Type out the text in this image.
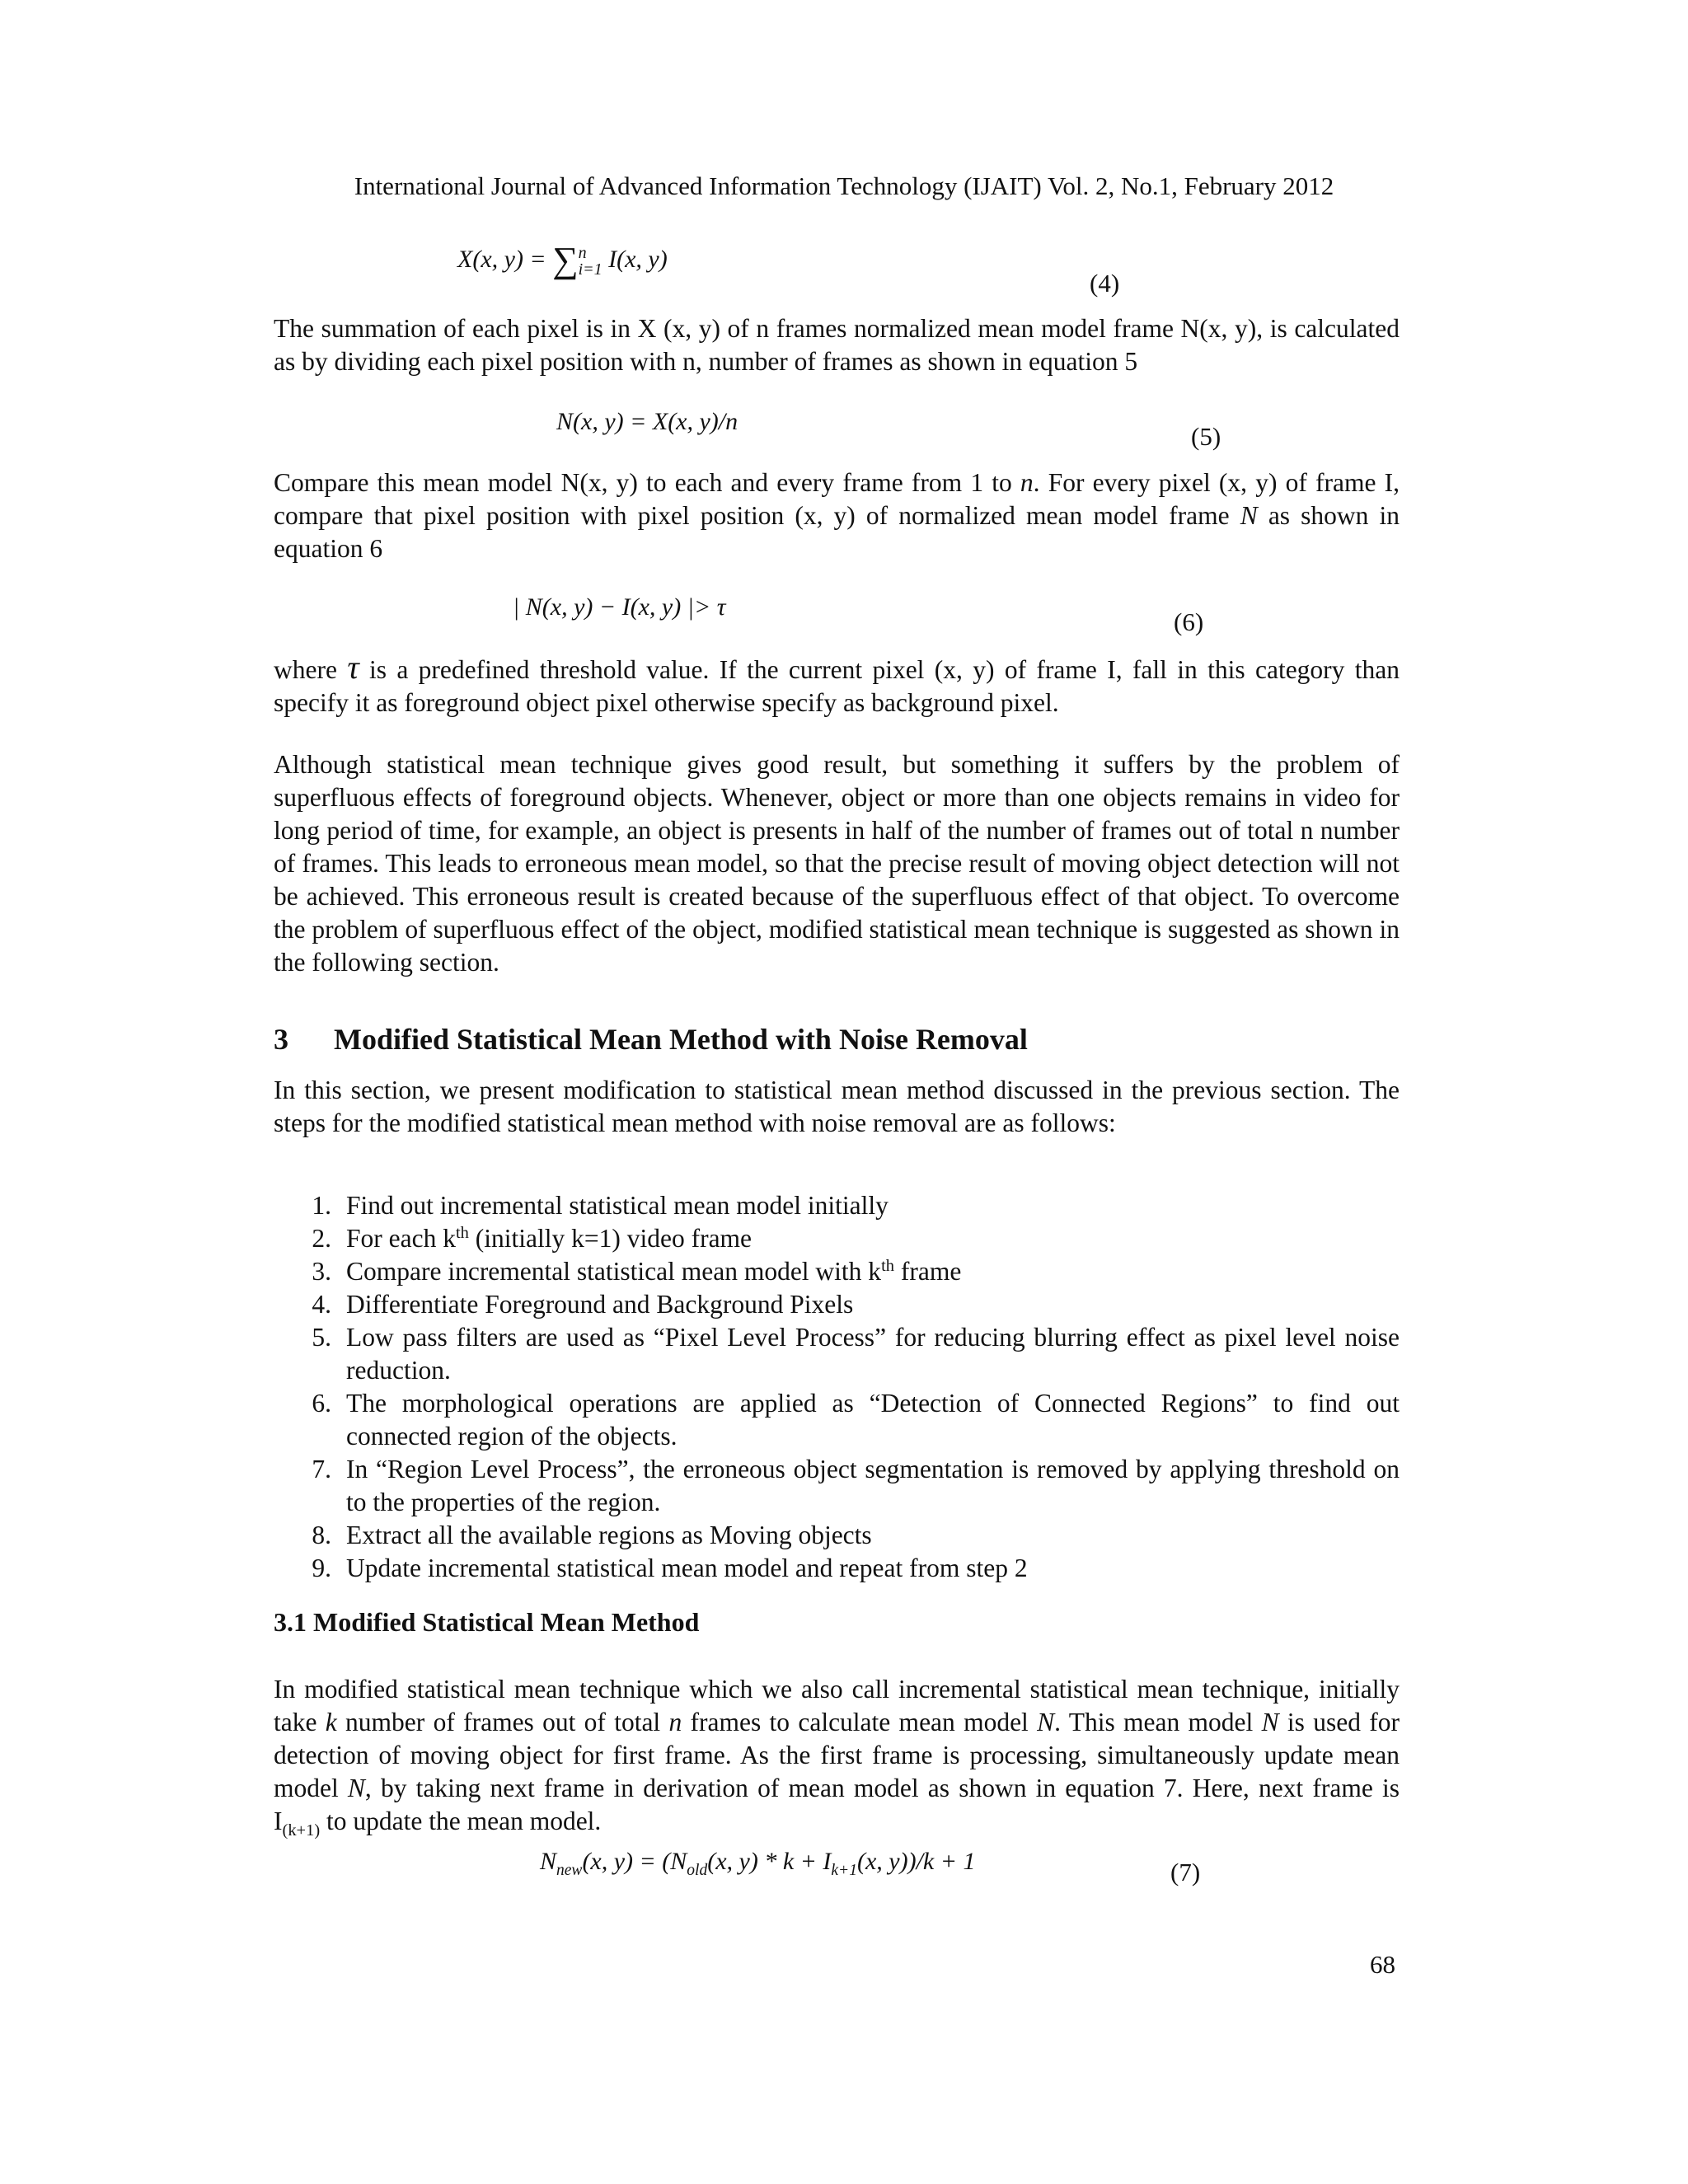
International Journal of Advanced Information Technology (IJAIT) Vol. 2, No.1, February 2012
X(x, y) = ∑ n
i=1 I(x, y)
(4)

The summation of each pixel is in X (x, y) of n frames normalized mean model frame N(x, y), is calculated as by dividing each pixel position with n, number of frames as shown in equation 5

N(x, y) = X(x, y)/n
(5)

Compare this mean model N(x, y) to each and every frame from 1 to n. For every pixel (x, y) of frame I, compare that pixel position with pixel position (x, y) of normalized mean model frame N as shown in equation 6

| N(x, y) − I(x, y) |> τ
(6)

where τ is a predefined threshold value. If the current pixel (x, y) of frame I, fall in this category than specify it as foreground object pixel otherwise specify as background pixel.

Although statistical mean technique gives good result, but something it suffers by the problem of superfluous effects of foreground objects. Whenever, object or more than one objects remains in video for long period of time, for example, an object is presents in half of the number of frames out of total n number of frames. This leads to erroneous mean model, so that the precise result of moving object detection will not be achieved. This erroneous result is created because of the superfluous effect of that object. To overcome the problem of superfluous effect of the object, modified statistical mean technique is suggested as shown in the following section.

3 Modified Statistical Mean Method with Noise Removal

In this section, we present modification to statistical mean method discussed in the previous section. The steps for the modified statistical mean method with noise removal are as follows:

1. Find out incremental statistical mean model initially
2. For each $k^{th}$ (initially k=1) video frame
3. Compare incremental statistical mean model with $k^{th}$ frame
4. Differentiate Foreground and Background Pixels
5. Low pass filters are used as “Pixel Level Process” for reducing blurring effect as pixel level noise reduction.
6. The morphological operations are applied as “Detection of Connected Regions” to find out connected region of the objects.
7. In “Region Level Process”, the erroneous object segmentation is removed by applying threshold on to the properties of the region.
8. Extract all the available regions as Moving objects
9. Update incremental statistical mean model and repeat from step 2
3.1 Modified Statistical Mean Method

In modified statistical mean technique which we also call incremental statistical mean technique, initially take k number of frames out of total n frames to calculate mean model N. This mean model N is used for detection of moving object for first frame. As the first frame is processing, simultaneously update mean model N, by taking next frame in derivation of mean model as shown in equation 7. Here, next frame is $I_{(k+1)}$ to update the mean model.

$N_{new}(x$, $y) = (N_{old}(x$, $y) * k + I_{k+1}(x$, y))/k + 1	(7)
68
